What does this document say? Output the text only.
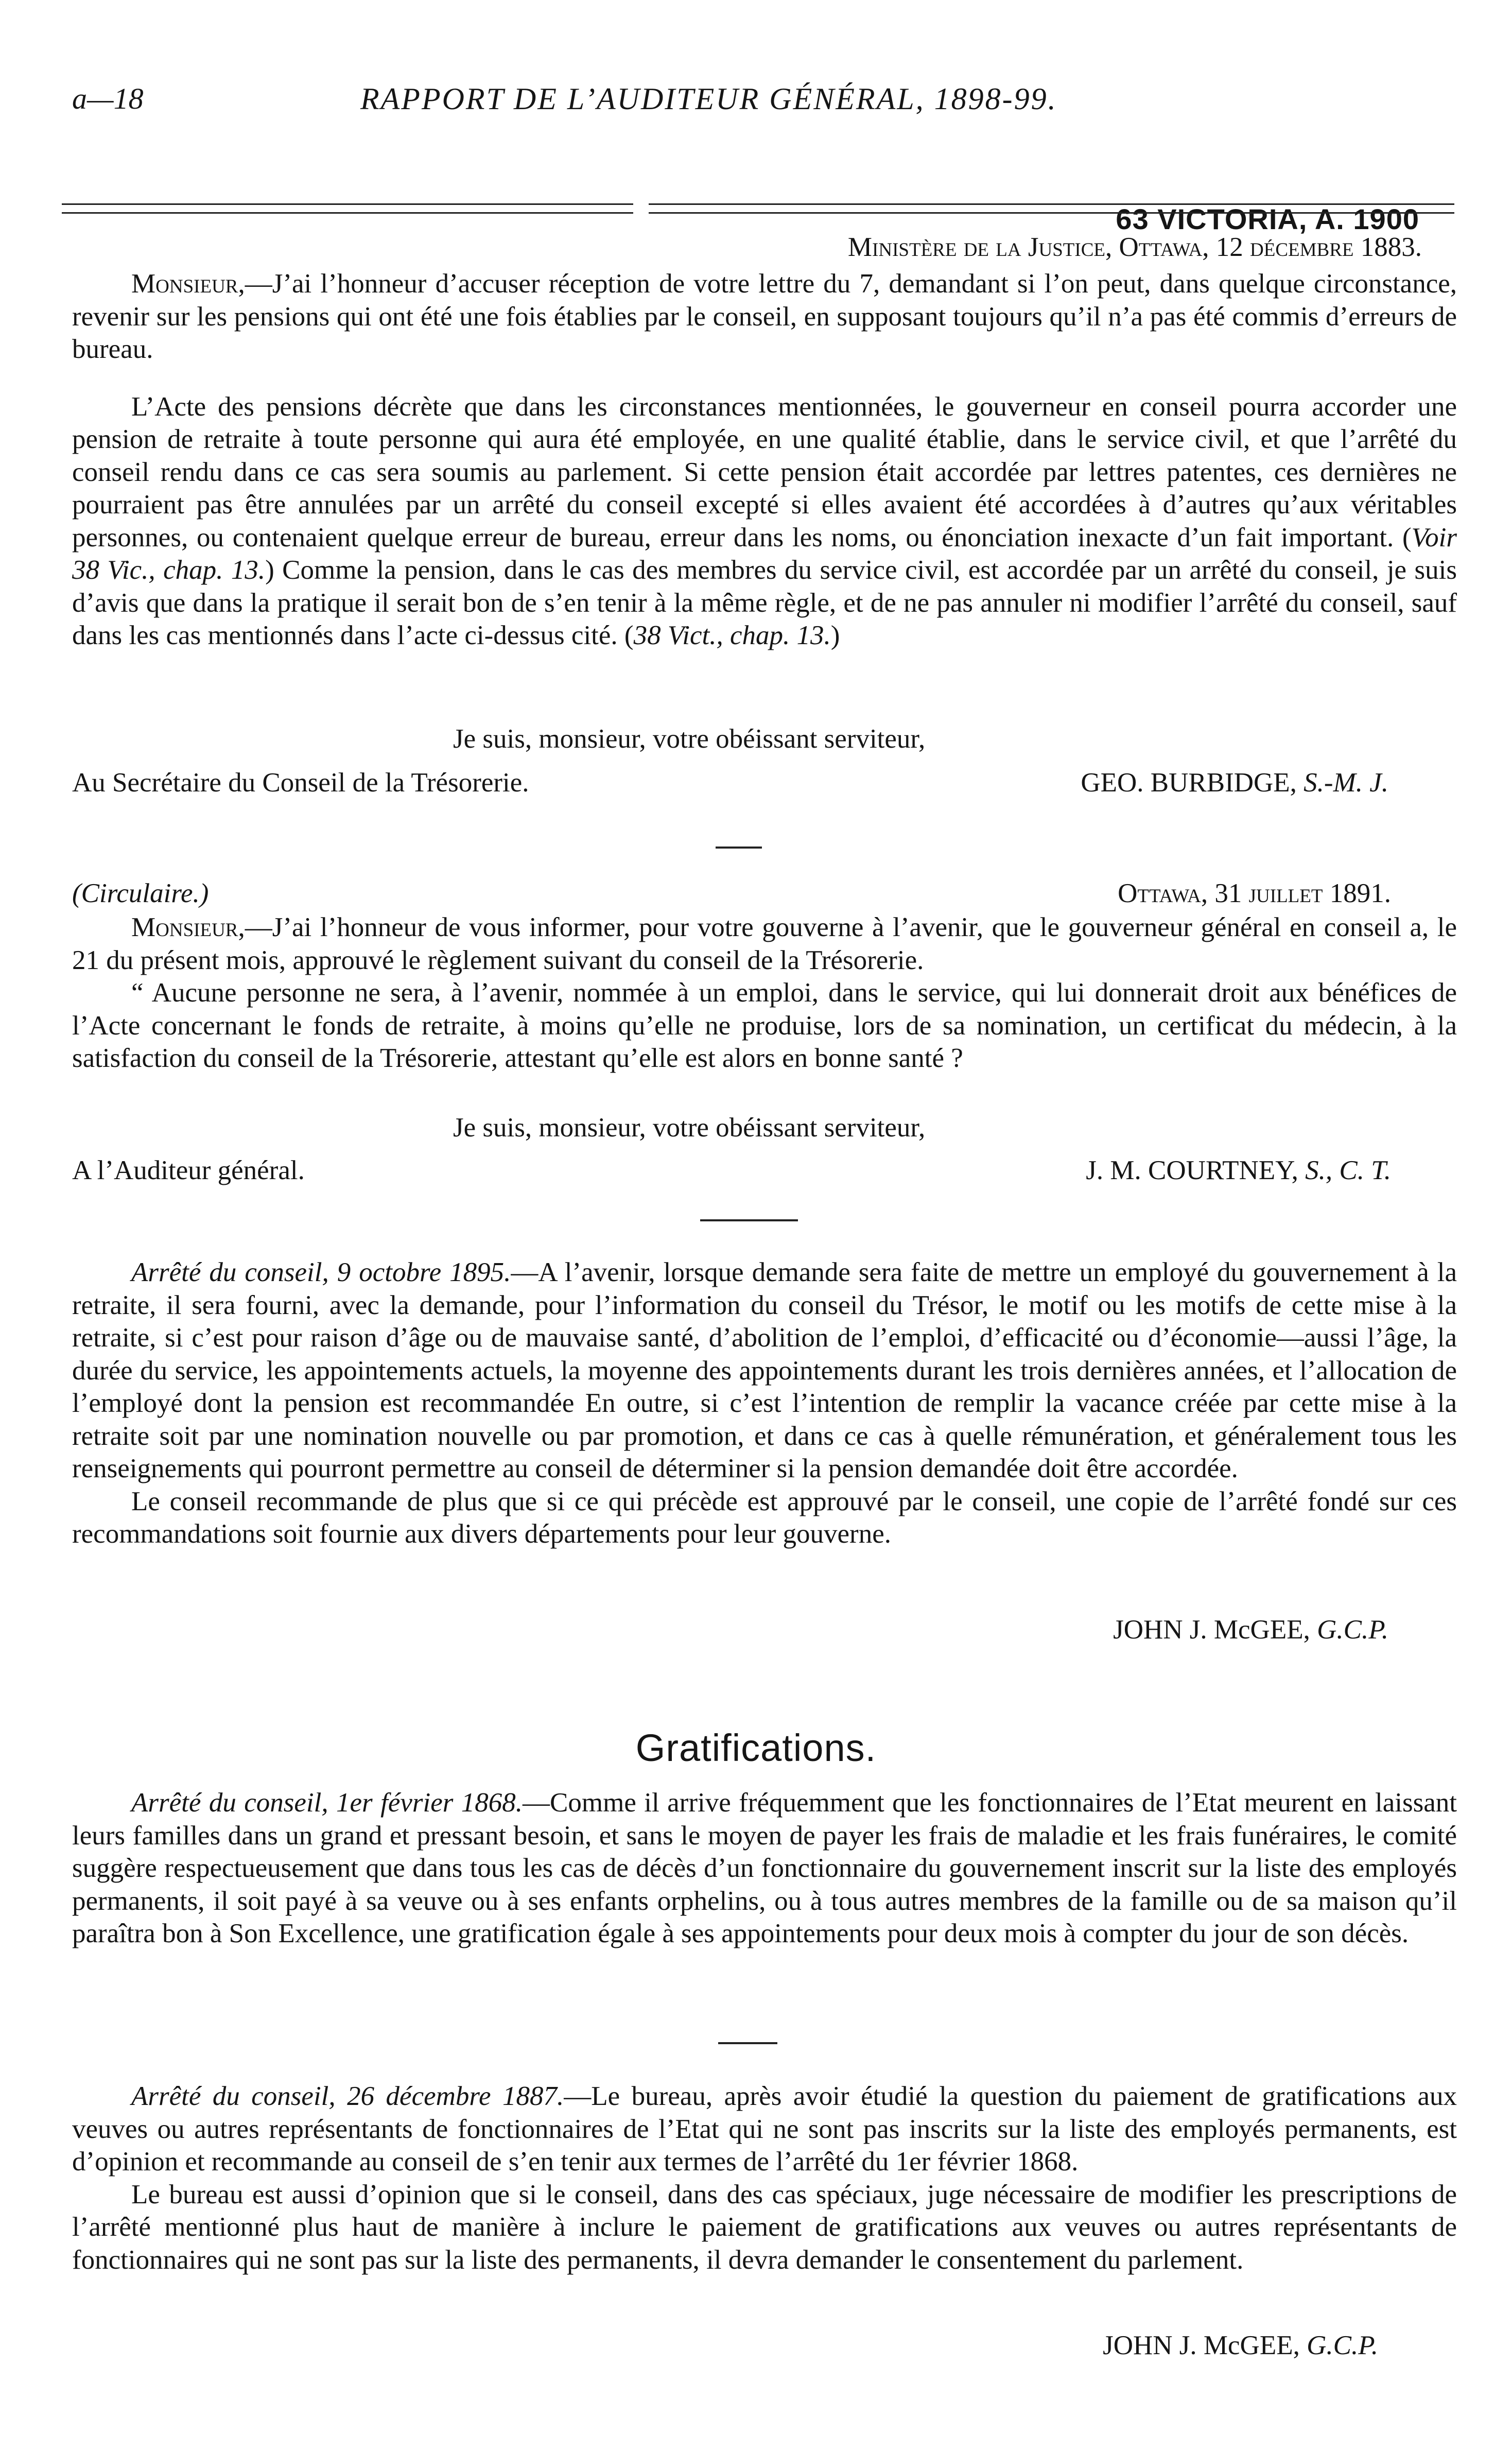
a—18	RAPPORT DE L’AUDITEUR GÉNÉRAL, 1898-99.
63 VICTORIA, A. 1900
Ministère de la Justice, Ottawa, 12 décembre 1883.

Monsieur,—J’ai l’honneur d’accuser réception de votre lettre du 7, demandant si l’on peut, dans quelque circonstance, revenir sur les pensions qui ont été une fois établies par le conseil, en supposant toujours qu’il n’a pas été commis d’erreurs de bureau.

L’Acte des pensions décrète que dans les circonstances mentionnées, le gouverneur en conseil pourra accorder une pension de retraite à toute personne qui aura été employée, en une qualité établie, dans le service civil, et que l’arrêté du conseil rendu dans ce cas sera soumis au parlement. Si cette pension était accordée par lettres patentes, ces dernières ne pourraient pas être annulées par un arrêté du conseil excepté si elles avaient été accordées à d’autres qu’aux véritables personnes, ou contenaient quelque erreur de bureau, erreur dans les noms, ou énonciation inexacte d’un fait important. (Voir 38 Vic., chap. 13.) Comme la pension, dans le cas des membres du service civil, est accordée par un arrêté du conseil, je suis d’avis que dans la pratique il serait bon de s’en tenir à la même règle, et de ne pas annuler ni modifier l’arrêté du conseil, sauf dans les cas mentionnés dans l’acte ci-dessus cité. (38 Vict., chap. 13.)

Je suis, monsieur, votre obéissant serviteur,
Au Secrétaire du Conseil de la Trésorerie.	GEO. BURBIDGE, S.-M. J.
(Circulaire.)	Ottawa, 31 juillet 1891.

Monsieur,—J’ai l’honneur de vous informer, pour votre gouverne à l’avenir, que le gouverneur général en conseil a, le 21 du présent mois, approuvé le règlement suivant du conseil de la Trésorerie.

“ Aucune personne ne sera, à l’avenir, nommée à un emploi, dans le service, qui lui donnerait droit aux bénéfices de l’Acte concernant le fonds de retraite, à moins qu’elle ne produise, lors de sa nomination, un certificat du médecin, à la satisfaction du conseil de la Trésorerie, attestant qu’elle est alors en bonne santé ?

Je suis, monsieur, votre obéissant serviteur,
A l’Auditeur général.	J. M. COURTNEY, S., C. T.

Arrêté du conseil, 9 octobre 1895.—A l’avenir, lorsque demande sera faite de mettre un employé du gouvernement à la retraite, il sera fourni, avec la demande, pour l’information du conseil du Trésor, le motif ou les motifs de cette mise à la retraite, si c’est pour raison d’âge ou de mauvaise santé, d’abolition de l’emploi, d’efficacité ou d’économie—aussi l’âge, la durée du service, les appointements actuels, la moyenne des appointements durant les trois dernières années, et l’allocation de l’employé dont la pension est recommandée En outre, si c’est l’intention de remplir la vacance créée par cette mise à la retraite soit par une nomination nouvelle ou par promotion, et dans ce cas à quelle rémunération, et généralement tous les renseignements qui pourront permettre au conseil de déterminer si la pension demandée doit être accordée.

Le conseil recommande de plus que si ce qui précède est approuvé par le conseil, une copie de l’arrêté fondé sur ces recommandations soit fournie aux divers départements pour leur gouverne.

JOHN J. McGEE, G.C.P.
Gratifications.

Arrêté du conseil, 1er février 1868.—Comme il arrive fréquemment que les fonctionnaires de l’Etat meurent en laissant leurs familles dans un grand et pressant besoin, et sans le moyen de payer les frais de maladie et les frais funéraires, le comité suggère respectueusement que dans tous les cas de décès d’un fonctionnaire du gouvernement inscrit sur la liste des employés permanents, il soit payé à sa veuve ou à ses enfants orphelins, ou à tous autres membres de la famille ou de sa maison qu’il paraîtra bon à Son Excellence, une gratification égale à ses appointements pour deux mois à compter du jour de son décès.

Arrêté du conseil, 26 décembre 1887.—Le bureau, après avoir étudié la question du paiement de gratifications aux veuves ou autres représentants de fonctionnaires de l’Etat qui ne sont pas inscrits sur la liste des employés permanents, est d’opinion et recommande au conseil de s’en tenir aux termes de l’arrêté du 1er février 1868.

Le bureau est aussi d’opinion que si le conseil, dans des cas spéciaux, juge nécessaire de modifier les prescriptions de l’arrêté mentionné plus haut de manière à inclure le paiement de gratifications aux veuves ou autres représentants de fonctionnaires qui ne sont pas sur la liste des permanents, il devra demander le consentement du parlement.

JOHN J. McGEE, G.C.P.
